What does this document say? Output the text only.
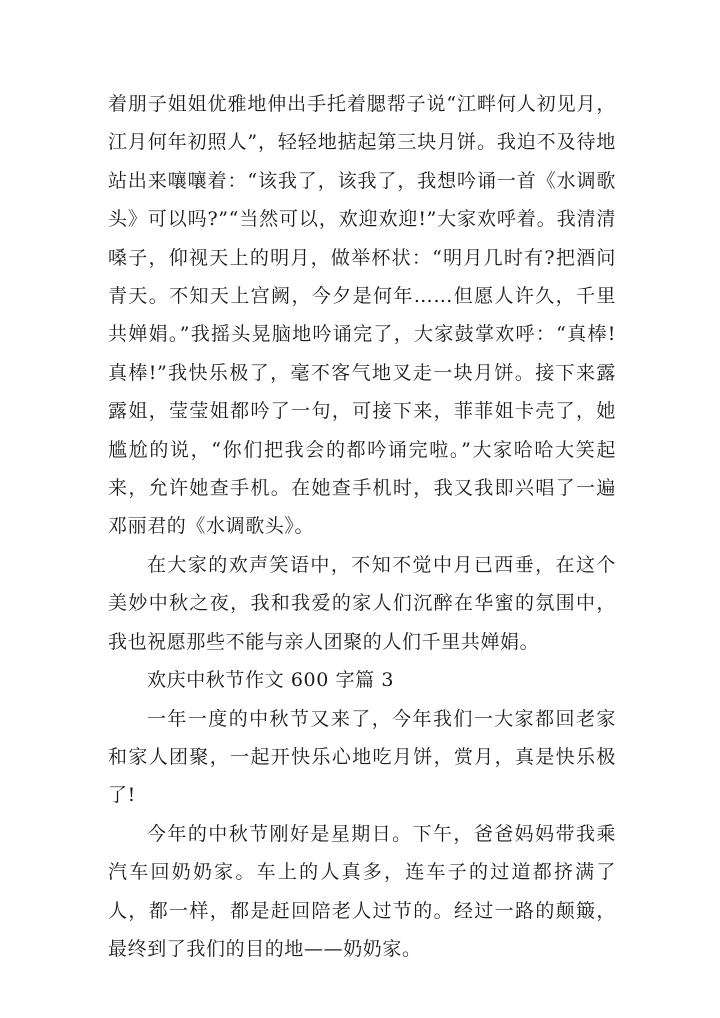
着朋子姐姐优雅地伸出手托着腮帮子说“江畔何人初见月，江月何年初照人”，轻轻地掂起第三块月饼。我迫不及待地站出来嚷嚷着：“该我了，该我了，我想吟诵一首《水调歌头》可以吗?”“当然可以，欢迎欢迎!”大家欢呼着。我清清嗓子，仰视天上的明月，做举杯状：“明月几时有?把酒问青天。不知天上宫阙，今夕是何年……但愿人许久，千里共婵娟。”我摇头晃脑地吟诵完了，大家鼓掌欢呼：“真棒!真棒!”我快乐极了，毫不客气地叉走一块月饼。接下来露露姐，莹莹姐都吟了一句，可接下来，菲菲姐卡壳了，她尴尬的说，“你们把我会的都吟诵完啦。”大家哈哈大笑起来，允许她查手机。在她查手机时，我又我即兴唱了一遍邓丽君的《水调歌头》。

在大家的欢声笑语中，不知不觉中月已西垂，在这个美妙中秋之夜，我和我爱的家人们沉醉在华蜜的氛围中，我也祝愿那些不能与亲人团聚的人们千里共婵娟。

欢庆中秋节作文 600 字篇 3

一年一度的中秋节又来了，今年我们一大家都回老家和家人团聚，一起开快乐心地吃月饼，赏月，真是快乐极了!

今年的中秋节刚好是星期日。下午，爸爸妈妈带我乘汽车回奶奶家。车上的人真多，连车子的过道都挤满了人，都一样，都是赶回陪老人过节的。经过一路的颠簸，最终到了我们的目的地——奶奶家。
